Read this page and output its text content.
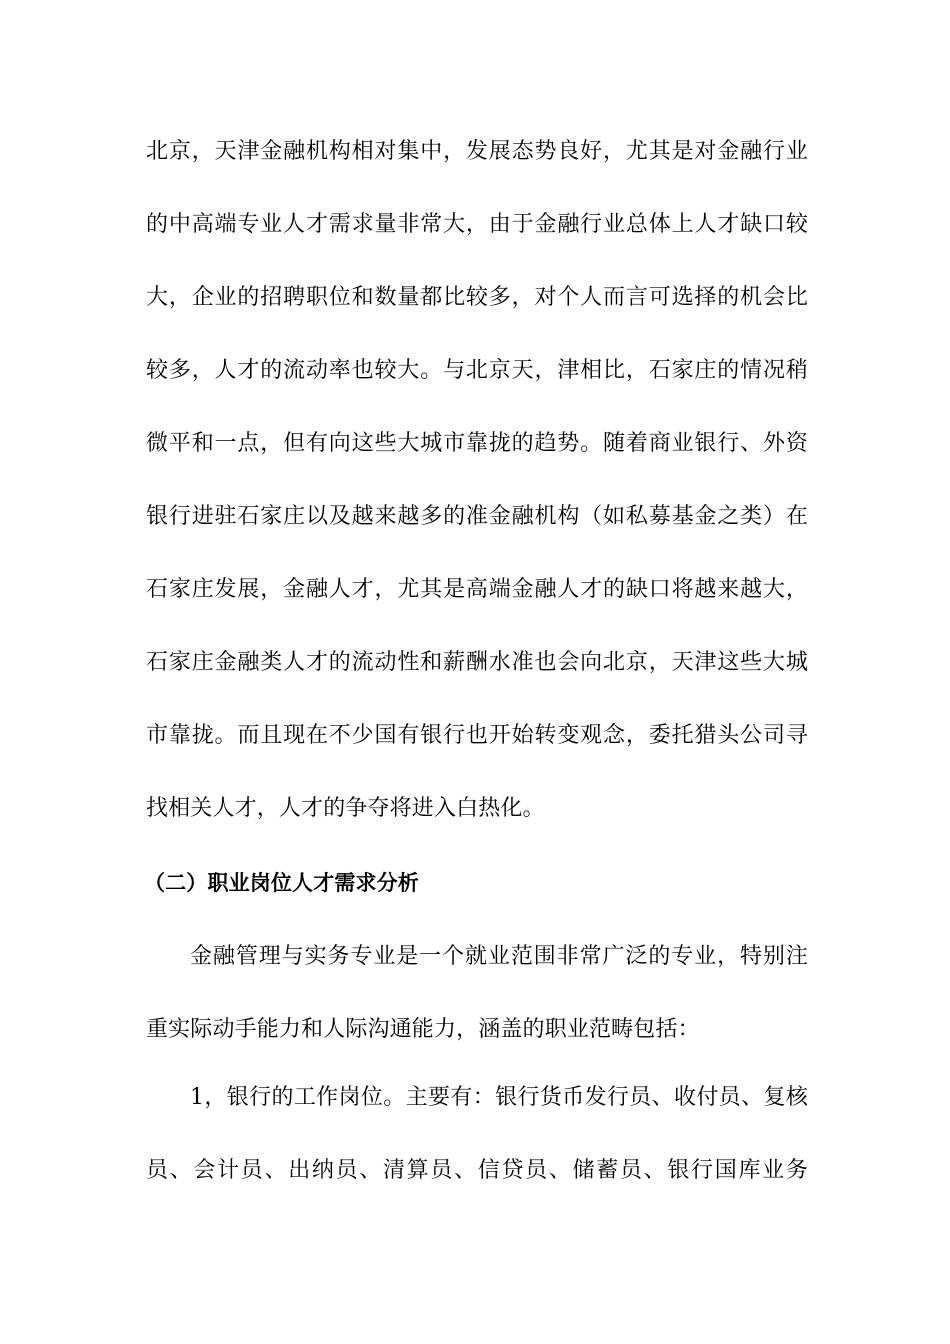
北京，天津金融机构相对集中，发展态势良好，尤其是对金融行业
的中高端专业人才需求量非常大，由于金融行业总体上人才缺口较
大，企业的招聘职位和数量都比较多，对个人而言可选择的机会比
较多，人才的流动率也较大。与北京天，津相比，石家庄的情况稍
微平和一点，但有向这些大城市靠拢的趋势。随着商业银行、外资
银行进驻石家庄以及越来越多的准金融机构（如私募基金之类）在
石家庄发展，金融人才，尤其是高端金融人才的缺口将越来越大，
石家庄金融类人才的流动性和薪酬水准也会向北京，天津这些大城
市靠拢。而且现在不少国有银行也开始转变观念，委托猎头公司寻
找相关人才，人才的争夺将进入白热化。
（二）职业岗位人才需求分析
金融管理与实务专业是一个就业范围非常广泛的专业，特别注
重实际动手能力和人际沟通能力，涵盖的职业范畴包括：
1，银行的工作岗位。主要有：银行货币发行员、收付员、复核
员、会计员、出纳员、清算员、信贷员、储蓄员、银行国库业务
